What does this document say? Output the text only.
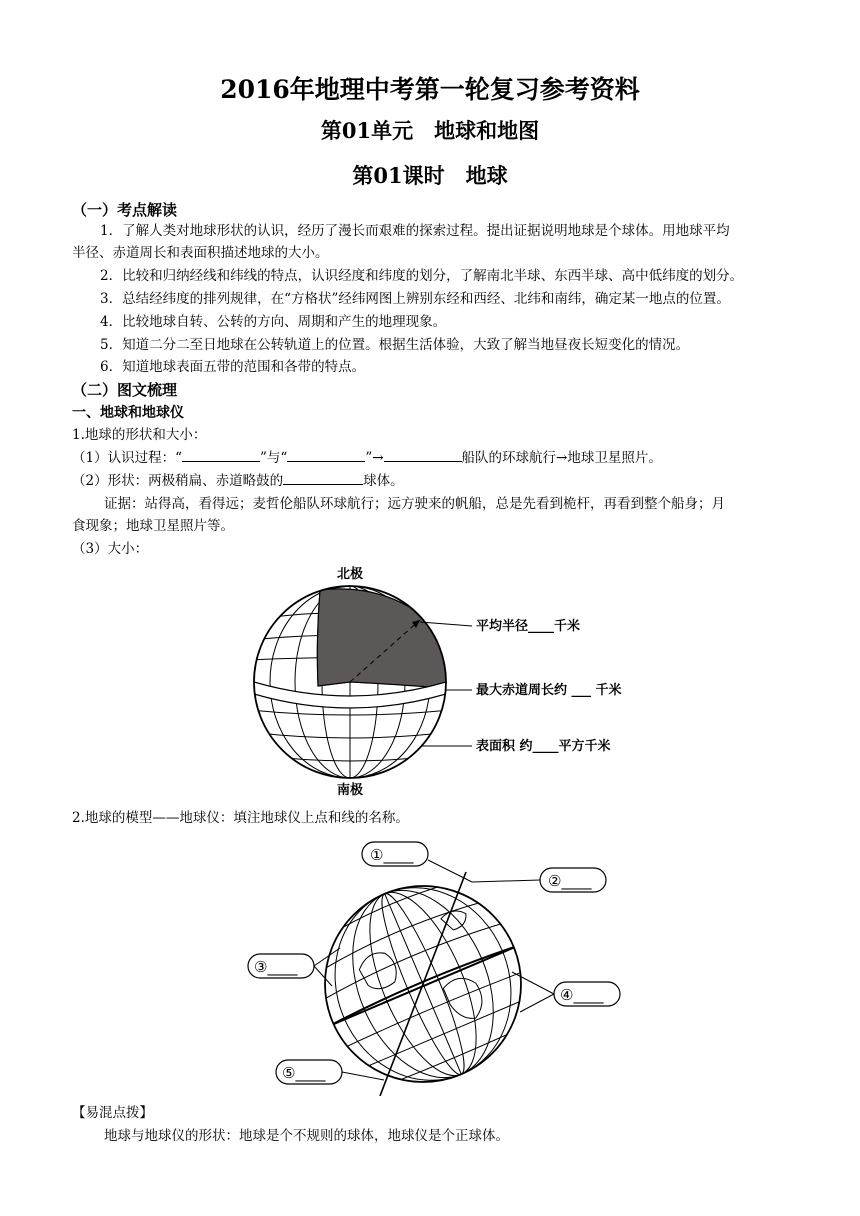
2016年地理中考第一轮复习参考资料
第01单元　地球和地图
第01课时　地球
（一）考点解读
1．了解人类对地球形状的认识，经历了漫长而艰难的探索过程。提出证据说明地球是个球体。用地球平均
半径、赤道周长和表面积描述地球的大小。
2．比较和归纳经线和纬线的特点，认识经度和纬度的划分，了解南北半球、东西半球、高中低纬度的划分。
3．总结经纬度的排列规律，在“方格状”经纬网图上辨别东经和西经、北纬和南纬，确定某一地点的位置。
4．比较地球自转、公转的方向、周期和产生的地理现象。
5．知道二分二至日地球在公转轨道上的位置。根据生活体验，大致了解当地昼夜长短变化的情况。
6．知道地球表面五带的范围和各带的特点。
（二）图文梳理
一、地球和地球仪
1.地球的形状和大小：
（1）认识过程：“	”与“	”→	船队的环球航行→地球卫星照片。
（2）形状：两极稍扁、赤道略鼓的	球体。
证据：站得高，看得远；麦哲伦船队环球航行；远方驶来的帆船，总是先看到桅杆，再看到整个船身；月
食现象；地球卫星照片等。
（3）大小：
北极
南极
平均半径____千米
最大赤道周长约 ___ 千米
表面积 约____平方千米
2.地球的模型——地球仪：填注地球仪上点和线的名称。
①____
②____
③____
④____
⑤____
【易混点拨】
地球与地球仪的形状：地球是个不规则的球体，地球仪是个正球体。
